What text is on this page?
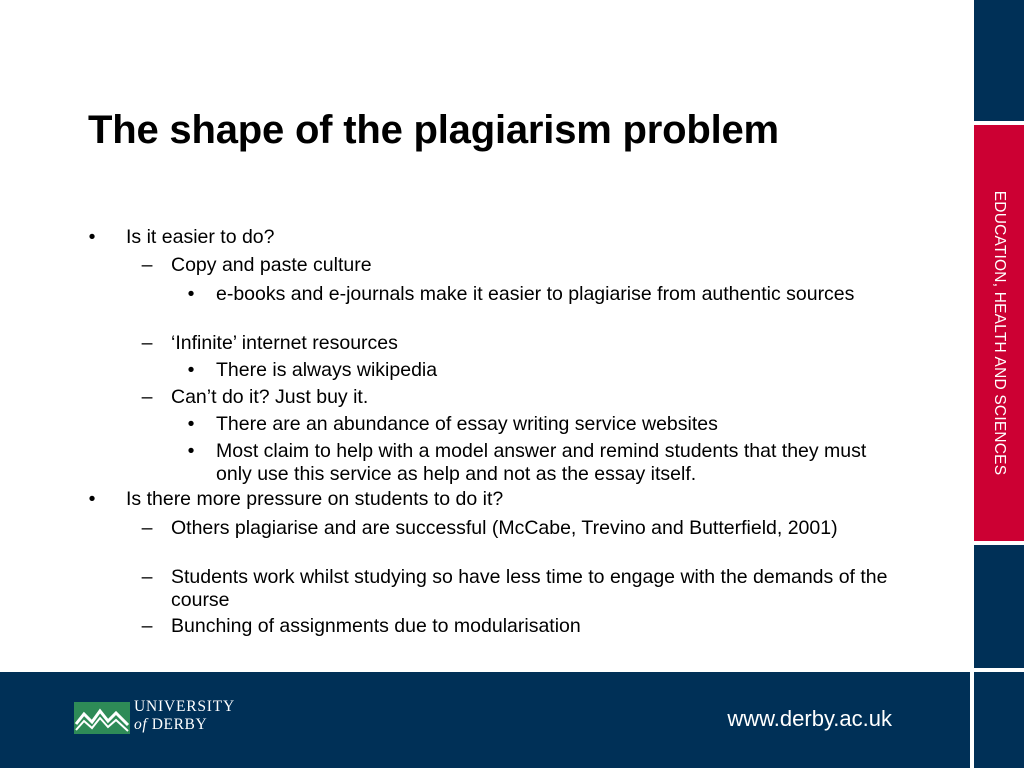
EDUCATION, HEALTH AND SCIENCES
UNIVERSITY
of DERBY	www.derby.ac.uk
The shape of the plagiarism problem
• Is it easier to do?
– Copy and paste culture
• e-books and e-journals make it easier to plagiarise from authentic sources
– ‘Infinite’ internet resources
• There is always wikipedia
– Can’t do it? Just buy it.
• There are an abundance of essay writing service websites
• Most claim to help with a model answer and remind students that they must only use this service as help and not as the essay itself.
• Is there more pressure on students to do it?
– Others plagiarise and are successful (McCabe, Trevino and Butterfield, 2001)
– Students work whilst studying so have less time to engage with the demands of the course
– Bunching of assignments due to modularisation
